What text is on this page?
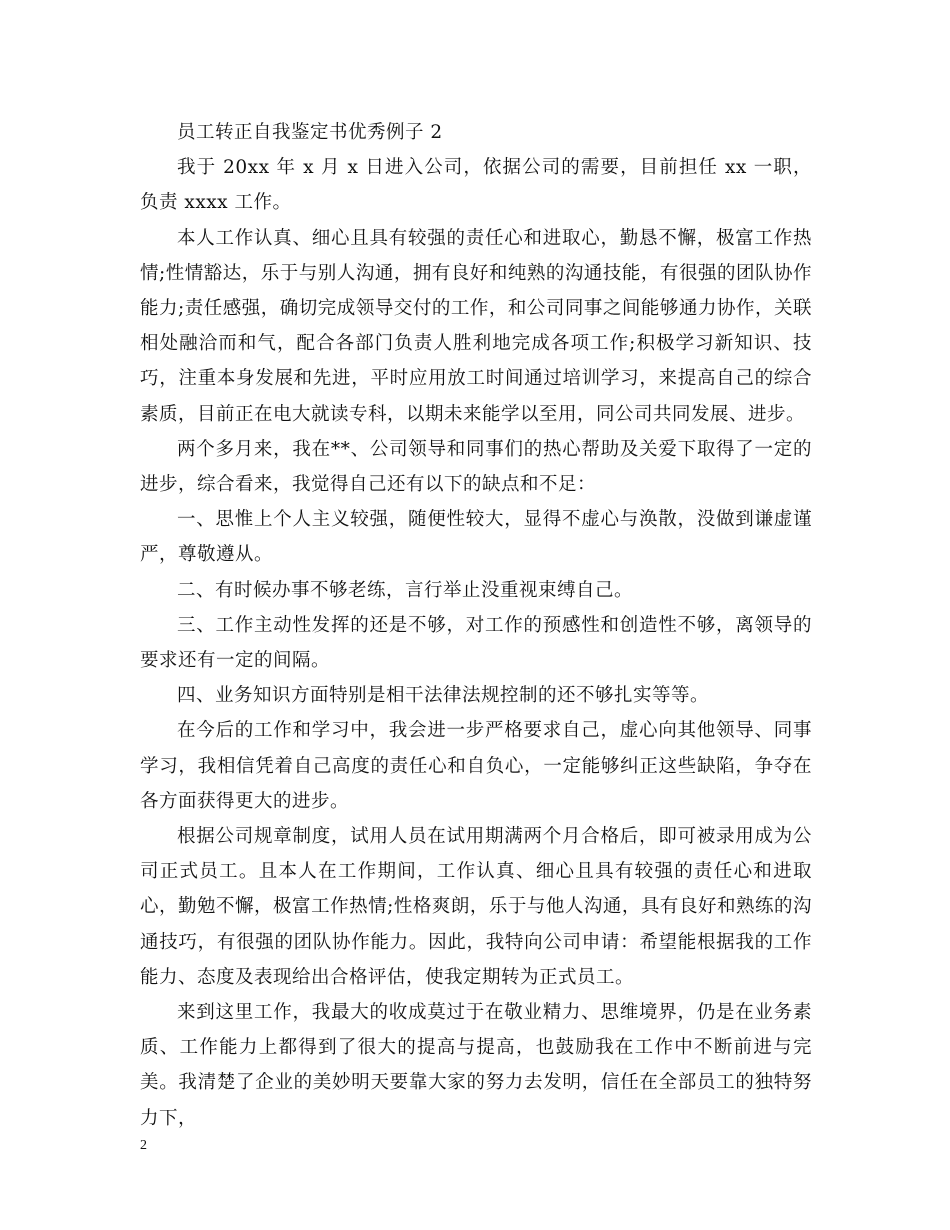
员工转正自我鉴定书优秀例子 2

我于 20xx 年 x 月 x 日进入公司，依据公司的需要，目前担任 xx 一职，负责 xxxx 工作。

本人工作认真、细心且具有较强的责任心和进取心，勤恳不懈，极富工作热情;性情豁达，乐于与别人沟通，拥有良好和纯熟的沟通技能，有很强的团队协作能力;责任感强，确切完成领导交付的工作，和公司同事之间能够通力协作，关联相处融洽而和气，配合各部门负责人胜利地完成各项工作;积极学习新知识、技巧，注重本身发展和先进，平时应用放工时间通过培训学习，来提高自己的综合素质，目前正在电大就读专科，以期未来能学以至用，同公司共同发展、进步。

两个多月来，我在**、公司领导和同事们的热心帮助及关爱下取得了一定的进步，综合看来，我觉得自己还有以下的缺点和不足：

一、思惟上个人主义较强，随便性较大，显得不虚心与涣散，没做到谦虚谨严，尊敬遵从。

二、有时候办事不够老练，言行举止没重视束缚自己。

三、工作主动性发挥的还是不够，对工作的预感性和创造性不够，离领导的要求还有一定的间隔。

四、业务知识方面特别是相干法律法规控制的还不够扎实等等。

在今后的工作和学习中，我会进一步严格要求自己，虚心向其他领导、同事学习，我相信凭着自己高度的责任心和自负心，一定能够纠正这些缺陷，争夺在各方面获得更大的进步。

根据公司规章制度，试用人员在试用期满两个月合格后，即可被录用成为公司正式员工。且本人在工作期间，工作认真、细心且具有较强的责任心和进取心，勤勉不懈，极富工作热情;性格爽朗，乐于与他人沟通，具有良好和熟练的沟通技巧，有很强的团队协作能力。因此，我特向公司申请：希望能根据我的工作能力、态度及表现给出合格评估，使我定期转为正式员工。

来到这里工作，我最大的收成莫过于在敬业精力、思维境界，仍是在业务素质、工作能力上都得到了很大的提高与提高，也鼓励我在工作中不断前进与完美。我清楚了企业的美妙明天要靠大家的努力去发明，信任在全部员工的独特努力下，

2
